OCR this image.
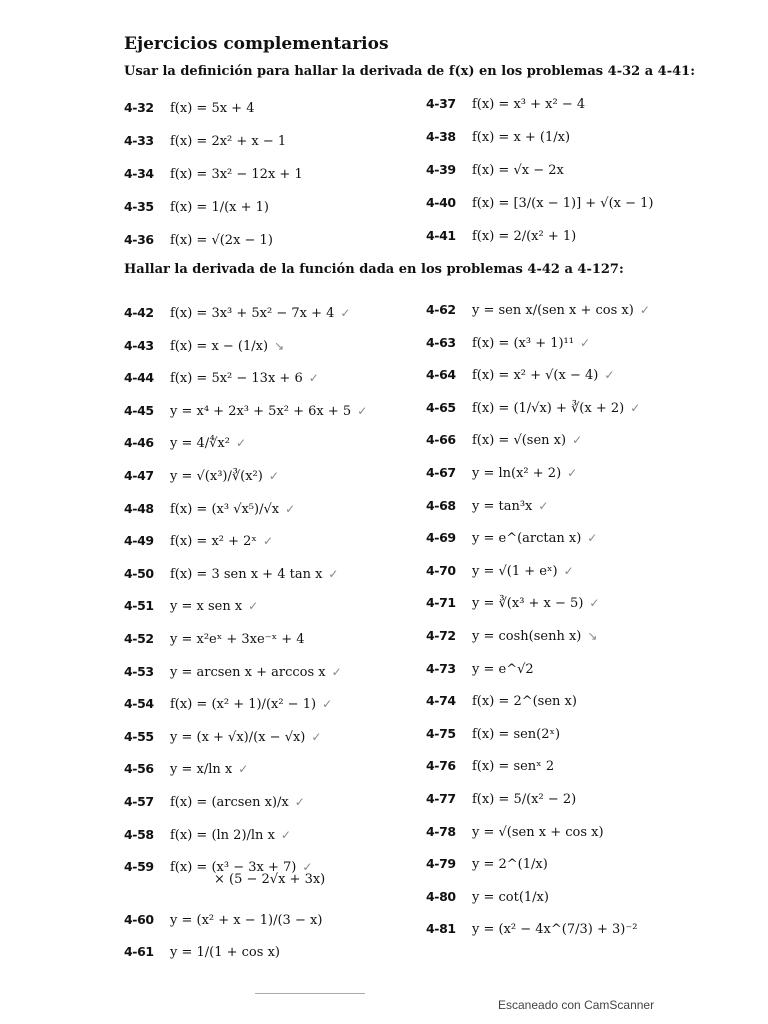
Ejercicios complementarios
Usar la definición para hallar la derivada de f(x) en los problemas 4-32 a 4-41:
Hallar la derivada de la función dada en los problemas 4-42 a 4-127:
4-32 f(x) = 5x + 4
4-33 f(x) = 2x² + x − 1
4-34 f(x) = 3x² − 12x + 1
4-35 f(x) = 1/(x + 1)
4-36 f(x) = √(2x − 1)
4-37 f(x) = x³ + x² − 4
4-38 f(x) = x + (1/x)
4-39 f(x) = √x − 2x
4-40 f(x) = [3/(x − 1)] + √(x − 1)
4-41 f(x) = 2/(x² + 1)
4-42 f(x) = 3x³ + 5x² − 7x + 4 ✓
4-43 f(x) = x − (1/x) ↘
4-44 f(x) = 5x² − 13x + 6 ✓
4-45 y = x⁴ + 2x³ + 5x² + 6x + 5 ✓
4-46 y = 4/∜x² ✓
4-47 y = √(x³)/∛(x²) ✓
4-48 f(x) = (x³ √x⁵)/√x ✓
4-49 f(x) = x² + 2ˣ ✓
4-50 f(x) = 3 sen x + 4 tan x ✓
4-51 y = x sen x ✓
4-52 y = x²eˣ + 3xe⁻ˣ + 4
4-53 y = arcsen x + arccos x ✓
4-54 f(x) = (x² + 1)/(x² − 1) ✓
4-55 y = (x + √x)/(x − √x) ✓
4-56 y = x/ln x ✓
4-57 f(x) = (arcsen x)/x ✓
4-58 f(x) = (ln 2)/ln x ✓
4-59 f(x) = (x³ − 3x + 7) ✓
4-60 y = (x² + x − 1)/(3 − x)
4-61 y = 1/(1 + cos x)
4-62 y = sen x/(sen x + cos x) ✓
4-63 f(x) = (x³ + 1)¹¹ ✓
4-64 f(x) = x² + √(x − 4) ✓
4-65 f(x) = (1/√x) + ∛(x + 2) ✓
4-66 f(x) = √(sen x) ✓
4-67 y = ln(x² + 2) ✓
4-68 y = tan³x ✓
4-69 y = e^(arctan x) ✓
4-70 y = √(1 + eˣ) ✓
4-71 y = ∛(x³ + x − 5) ✓
4-72 y = cosh(senh x) ↘
4-73 y = e^√2
4-74 f(x) = 2^(sen x)
4-75 f(x) = sen(2ˣ)
4-76 f(x) = senˣ 2
4-77 f(x) = 5/(x² − 2)
4-78 y = √(sen x + cos x)
4-79 y = 2^(1/x)
4-80 y = cot(1/x)
4-81 y = (x² − 4x^(7/3) + 3)⁻²
× (5 − 2√x + 3x)
Escaneado con CamScanner
